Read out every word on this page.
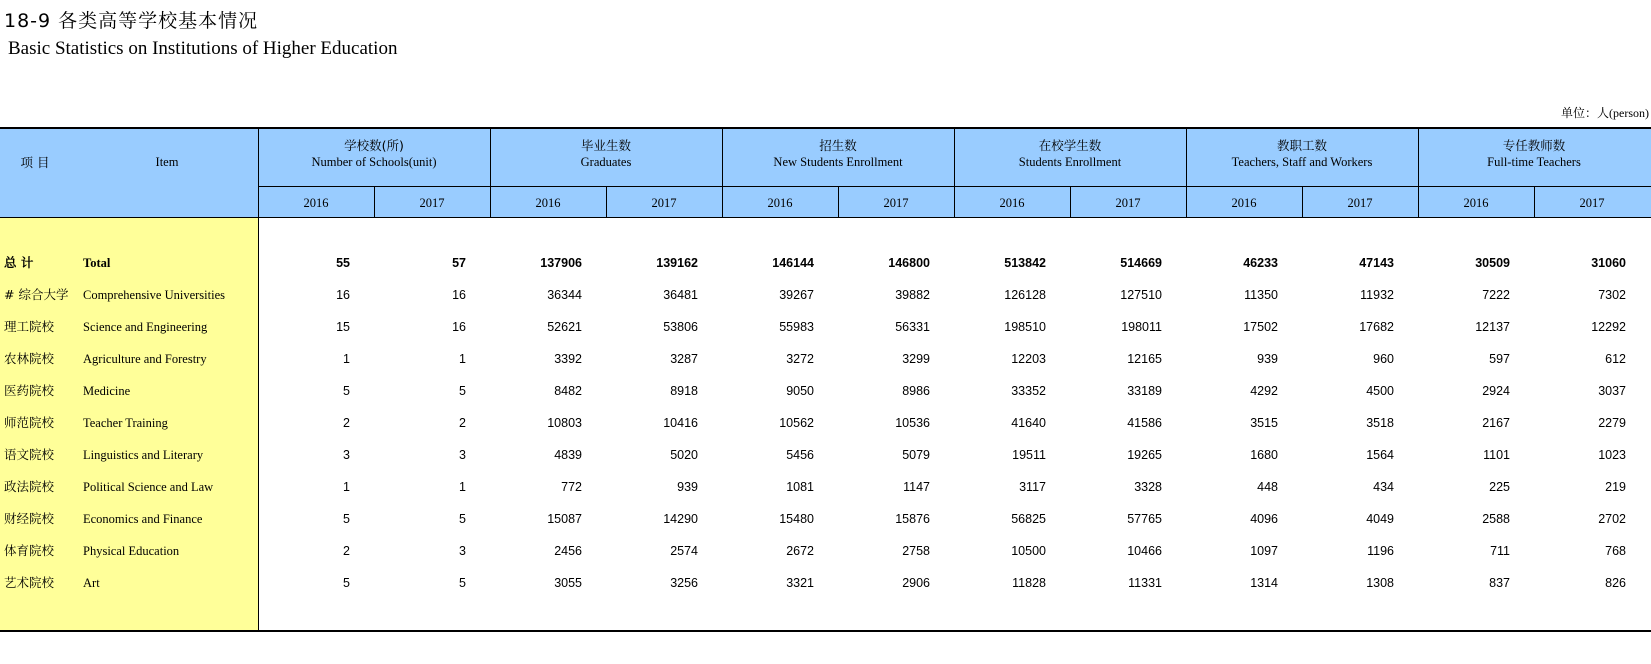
18-9 各类高等学校基本情况
Basic Statistics on Institutions of Higher Education
单位：人(person)
项 目	Item
学校数(所)
Number of Schools(unit)
毕业生数
Graduates
招生数
New Students Enrollment
在校学生数
Students Enrollment
教职工数
Teachers, Staff and Workers
专任教师数
Full-time Teachers
2016	2017	2016	2017	2016	2017	2016	2017	2016	2017	2016	2017
总 计	Total	55	57	137906	139162	146144	146800	513842	514669	46233	47143	30509	31060
# 综合大学 Comprehensive Universities	16	16	36344	36481	39267	39882	126128	127510	11350	11932	7222	7302
理工院校 Science and Engineering	15	16	52621	53806	55983	56331	198510	198011	17502	17682	12137	12292
农林院校 Agriculture and Forestry	1	1	3392	3287	3272	3299	12203	12165	939	960	597	612
医药院校 Medicine	5	5	8482	8918	9050	8986	33352	33189	4292	4500	2924	3037
师范院校 Teacher Training	2	2	10803	10416	10562	10536	41640	41586	3515	3518	2167	2279
语文院校 Linguistics and Literary	3	3	4839	5020	5456	5079	19511	19265	1680	1564	1101	1023
政法院校 Political Science and Law	1	1	772	939	1081	1147	3117	3328	448	434	225	219
财经院校 Economics and Finance	5	5	15087	14290	15480	15876	56825	57765	4096	4049	2588	2702
体育院校 Physical Education	2	3	2456	2574	2672	2758	10500	10466	1097	1196	711	768
艺术院校 Art	5	5	3055	3256	3321	2906	11828	11331	1314	1308	837	826
